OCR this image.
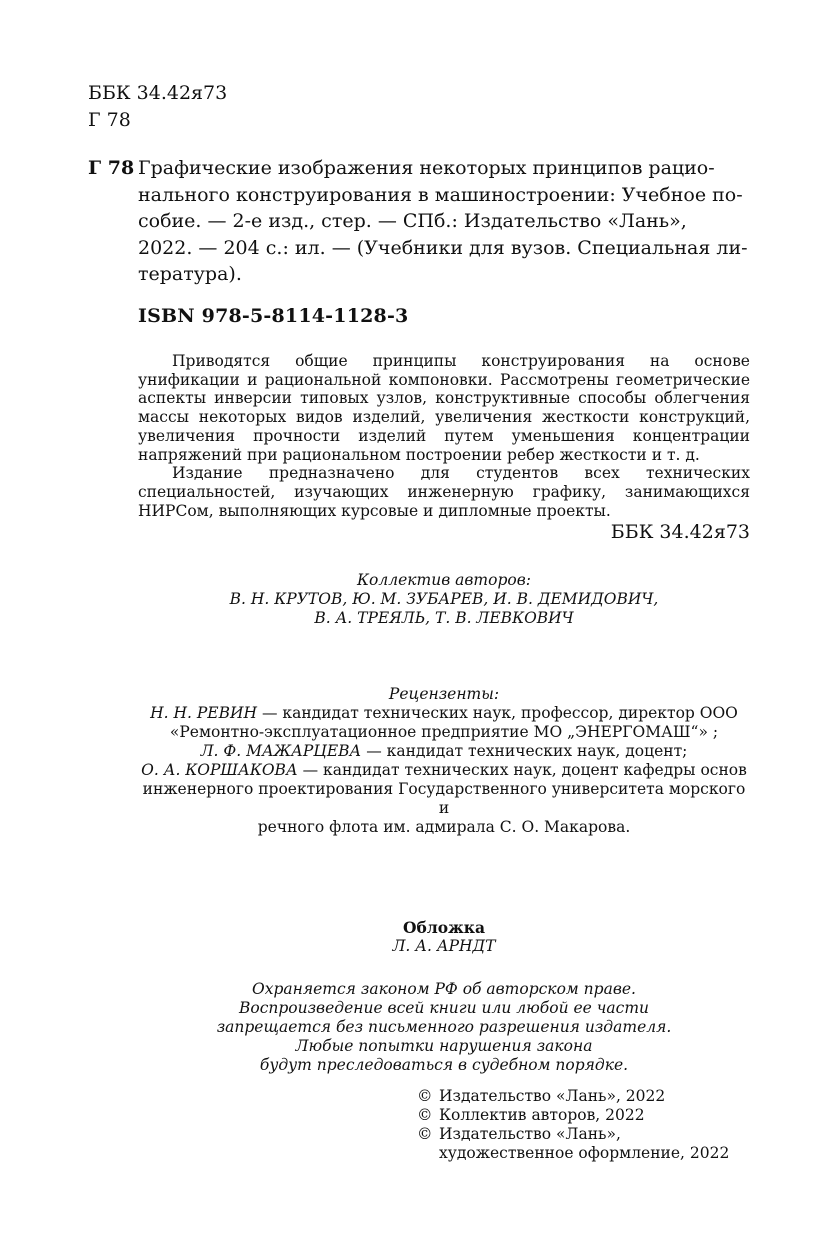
ББК 34.42я73
Г 78
Г 78 Графические изображения некоторых принципов рацио-
нального конструирования в машиностроении: Учебное по-
собие. — 2-е изд., стер. — СПб.: Издательство «Лань»,
2022. — 204 с.: ил. — (Учебники для вузов. Специальная ли-
тература).
ISBN 978-5-8114-1128-3

Приводятся общие принципы конструирования на основе унификации и рациональной компоновки. Рассмотрены геометрические аспекты инверсии типовых узлов, конструктивные способы облегчения массы некоторых видов изделий, увеличения жесткости конструкций, увеличения прочности изделий путем уменьшения концентрации напряжений при рациональном построении ребер жесткости и т. д.

Издание предназначено для студентов всех технических специальностей, изучающих инженерную графику, занимающихся НИРСом, выполняющих курсовые и дипломные проекты.

ББК 34.42я73
Коллектив авторов:
В. Н. КРУТОВ, Ю. М. ЗУБАРЕВ, И. В. ДЕМИДОВИЧ,
В. А. ТРЕЯЛЬ, Т. В. ЛЕВКОВИЧ
Рецензенты:
Н. Н. РЕВИН — кандидат технических наук, профессор, директор ООО
«Ремонтно-эксплуатационное предприятие МО „ЭНЕРГОМАШ“» ;
Л. Ф. МАЖАРЦЕВА — кандидат технических наук, доцент;
О. А. КОРШАКОВА — кандидат технических наук, доцент кафедры основ
инженерного проектирования Государственного университета морского и
речного флота им. адмирала С. О. Макарова.
Обложка
Л. А. АРНДТ
Охраняется законом РФ об авторском праве.
Воспроизведение всей книги или любой ее части
запрещается без письменного разрешения издателя.
Любые попытки нарушения закона
будут преследоваться в судебном порядке.
© Издательство «Лань», 2022
© Коллектив авторов, 2022
© Издательство «Лань»,
художественное оформление, 2022
